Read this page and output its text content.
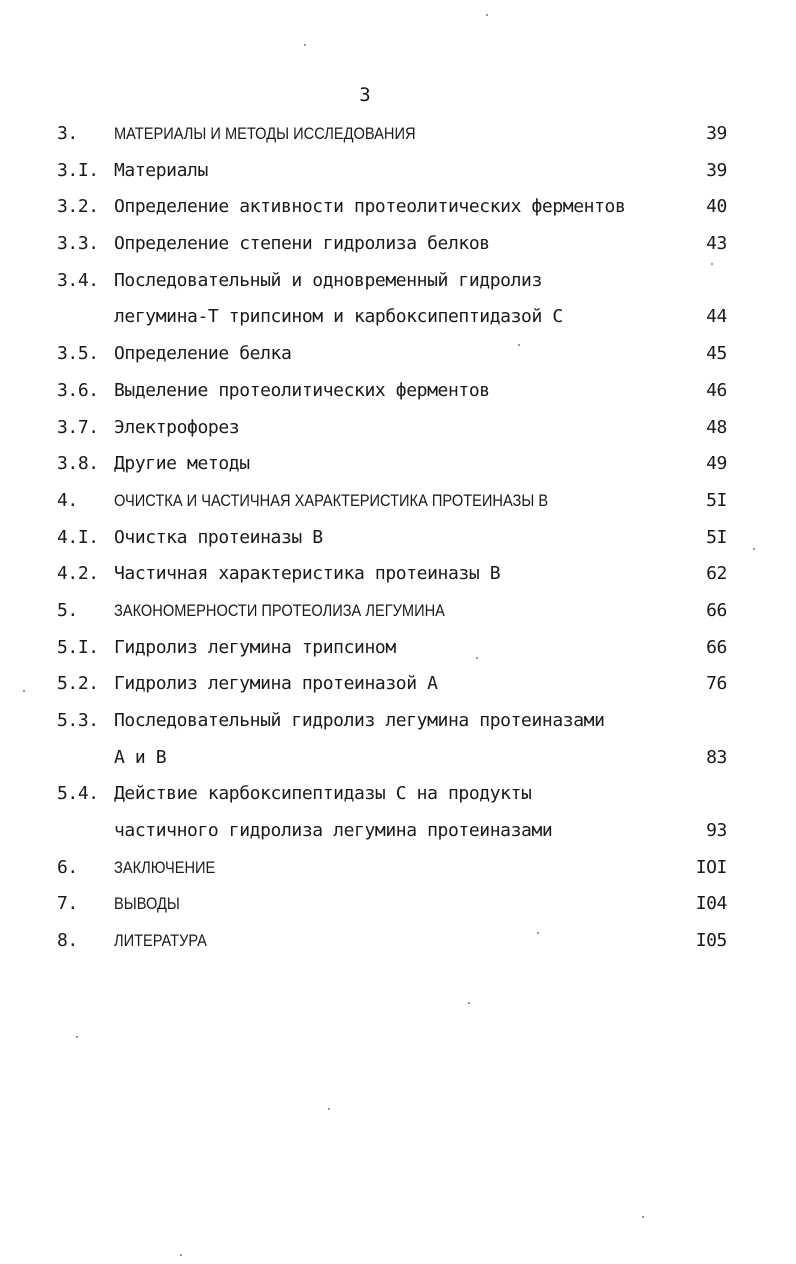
3
3. МАТЕРИАЛЫ И МЕТОДЫ ИССЛЕДОВАНИЯ	39
3.I. Материалы	39
3.2. Определение активности протеолитических ферментов	40
3.3. Определение степени гидролиза белков	43
3.4. Последовательный и одновременный гидролиз
легумина-Т трипсином и карбоксипептидазой С	44
3.5. Определение белка	45
3.6. Выделение протеолитических ферментов	46
3.7. Электрофорез	48
3.8. Другие методы	49
4. ОЧИСТКА И ЧАСТИЧНАЯ ХАРАКТЕРИСТИКА ПРОТЕИНАЗЫ В	5I
4.I. Очистка протеиназы В	5I
4.2. Частичная характеристика протеиназы В	62
5. ЗАКОНОМЕРНОСТИ ПРОТЕОЛИЗА ЛЕГУМИНА	66
5.I. Гидролиз легумина трипсином	66
5.2. Гидролиз легумина протеиназой А	76
5.3. Последовательный гидролиз легумина протеиназами
А и В	83
5.4. Действие карбоксипептидазы С на продукты
частичного гидролиза легумина протеиназами	93
6. ЗАКЛЮЧЕНИЕ	IOI
7. ВЫВОДЫ	I04
8. ЛИТЕРАТУРА	I05
